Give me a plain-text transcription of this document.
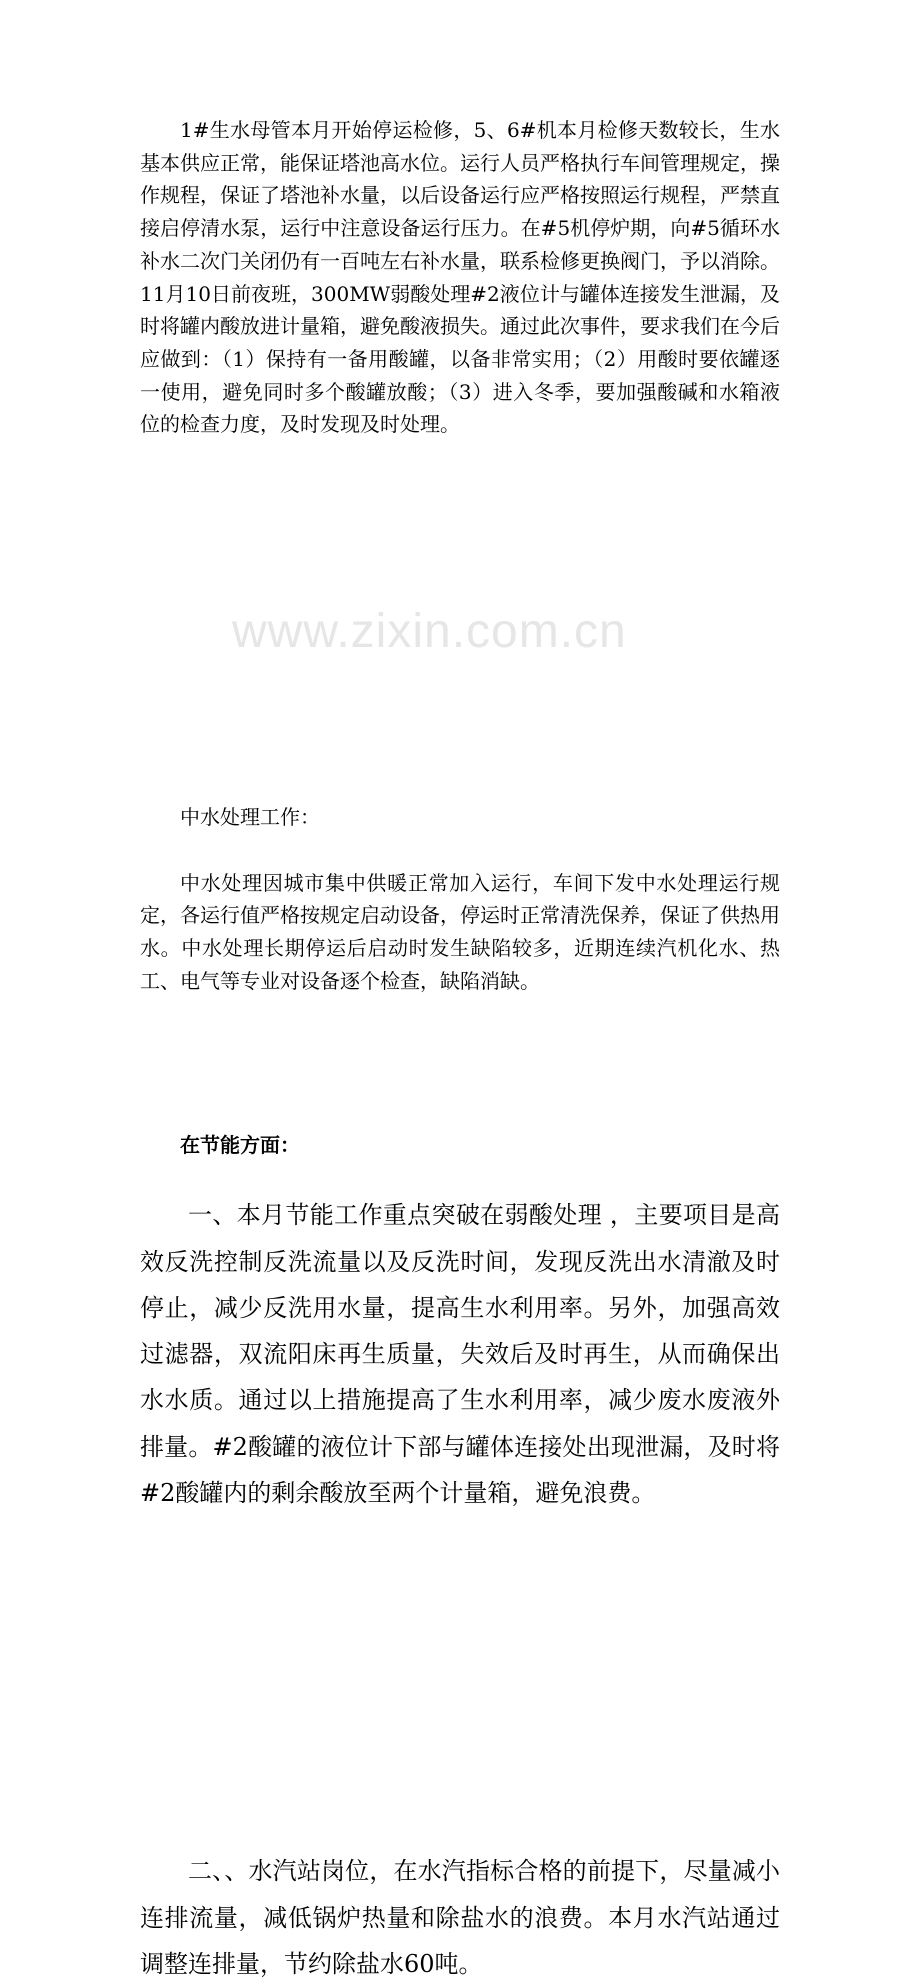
www.zixin.com.cn

1#生水母管本月开始停运检修，5、6#机本月检修天数较长，生水基本供应正常，能保证塔池高水位。运行人员严格执行车间管理规定，操作规程，保证了塔池补水量，以后设备运行应严格按照运行规程，严禁直接启停清水泵，运行中注意设备运行压力。在#5机停炉期，向#5循环水补水二次门关闭仍有一百吨左右补水量，联系检修更换阀门，予以消除。11月10日前夜班，300MW弱酸处理#2液位计与罐体连接发生泄漏，及时将罐内酸放进计量箱，避免酸液损失。通过此次事件，要求我们在今后应做到：（1）保持有一备用酸罐，以备非常实用；（2）用酸时要依罐逐一使用，避免同时多个酸罐放酸；（3）进入冬季，要加强酸碱和水箱液位的检查力度，及时发现及时处理。

中水处理工作：

中水处理因城市集中供暖正常加入运行，车间下发中水处理运行规定，各运行值严格按规定启动设备，停运时正常清洗保养，保证了供热用水。中水处理长期停运后启动时发生缺陷较多，近期连续汽机化水、热工、电气等专业对设备逐个检查，缺陷消缺。

在节能方面：

一、本月节能工作重点突破在弱酸处理 ，主要项目是高效反洗控制反洗流量以及反洗时间，发现反洗出水清澈及时停止，减少反洗用水量，提高生水利用率。另外，加强高效过滤器，双流阳床再生质量，失效后及时再生，从而确保出水水质。通过以上措施提高了生水利用率，减少废水废液外排量。#2酸罐的液位计下部与罐体连接处出现泄漏，及时将#2酸罐内的剩余酸放至两个计量箱，避免浪费。

二、、水汽站岗位，在水汽指标合格的前提下，尽量减小连排流量，减低锅炉热量和除盐水的浪费。本月水汽站通过调整连排量，节约除盐水60吨。
